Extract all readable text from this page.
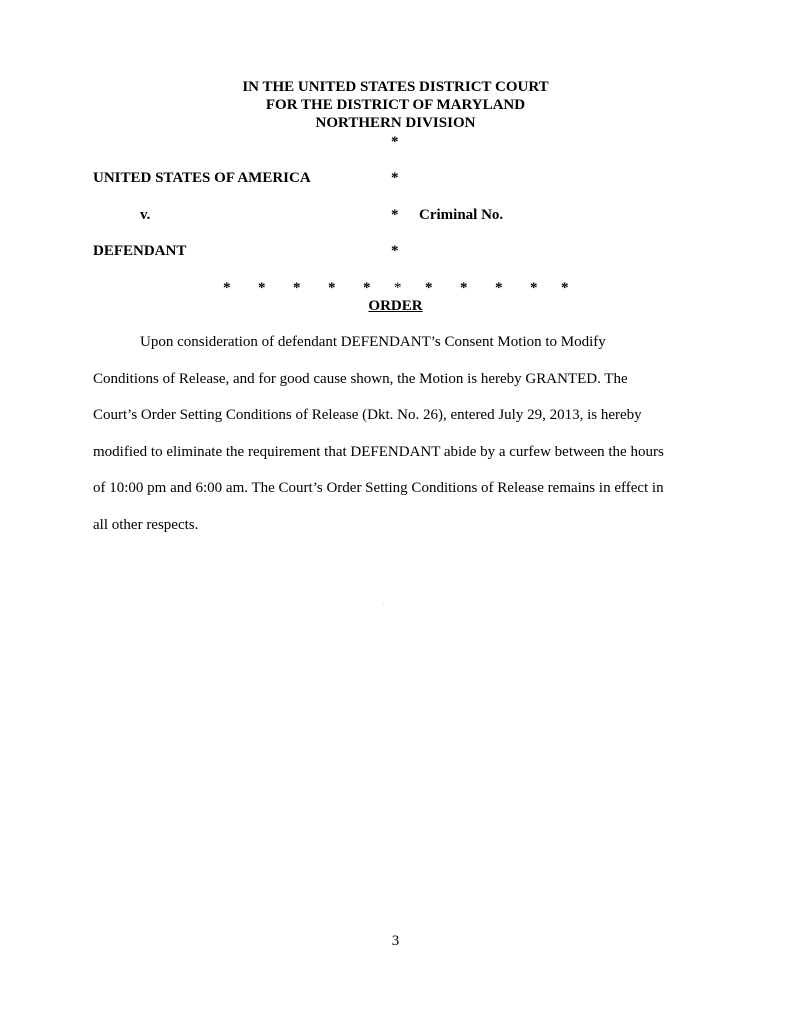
IN THE UNITED STATES DISTRICT COURT
FOR THE DISTRICT OF MARYLAND
NORTHERN DIVISION
*
UNITED STATES OF AMERICA	*
v.	* Criminal No.
DEFENDANT	*
* * * * * * * * * * *
ORDER
Upon consideration of defendant DEFENDANT’s Consent Motion to Modify
Conditions of Release, and for good cause shown, the Motion is hereby GRANTED. The
Court’s Order Setting Conditions of Release (Dkt. No. 26), entered July 29, 2013, is hereby
modified to eliminate the requirement that DEFENDANT abide by a curfew between the hours
of 10:00 pm and 6:00 am. The Court’s Order Setting Conditions of Release remains in effect in
all other respects.
3
